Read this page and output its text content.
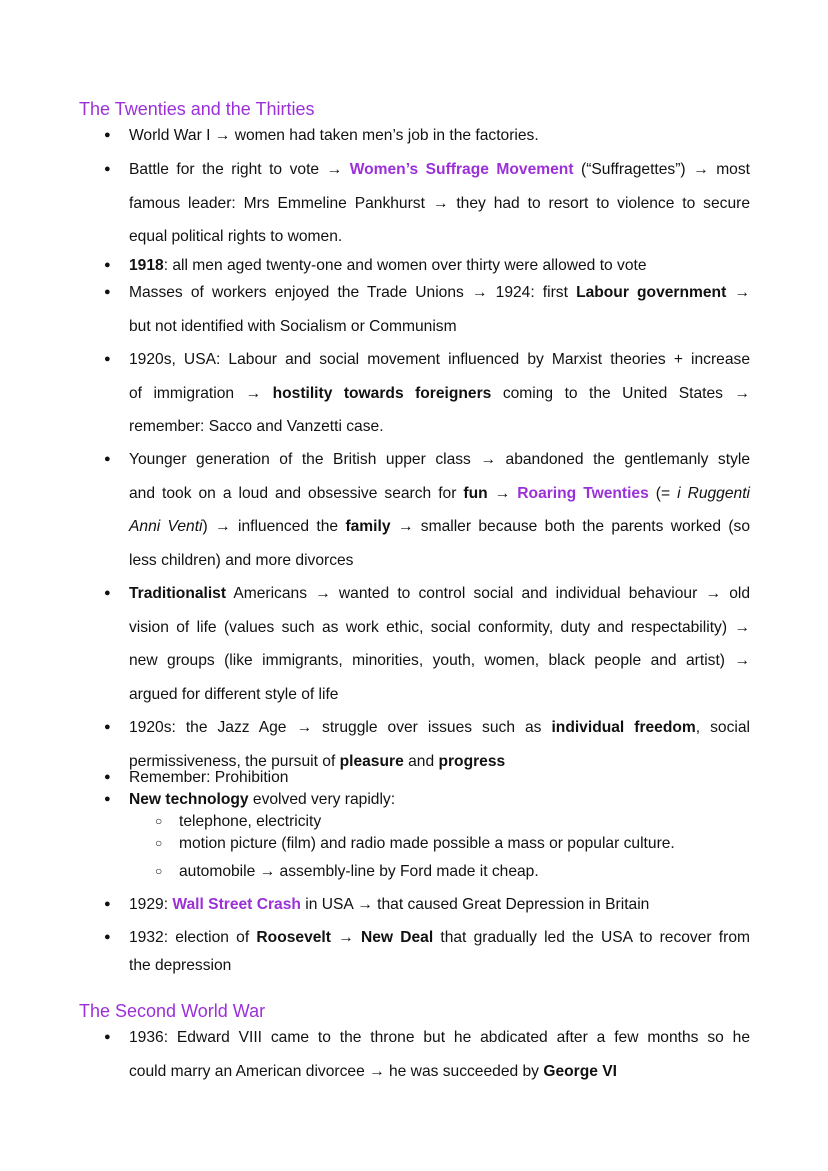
The Twenties and the Thirties
● World War I → women had taken men’s job in the factories.
● Battle for the right to vote → Women’s Suffrage Movement (“Suffragettes”) → most
famous leader: Mrs Emmeline Pankhurst → they had to resort to violence to secure
equal political rights to women.
● 1918: all men aged twenty-one and women over thirty were allowed to vote
● Masses of workers enjoyed the Trade Unions → 1924: first Labour government →
but not identified with Socialism or Communism
● 1920s, USA: Labour and social movement influenced by Marxist theories + increase
of immigration → hostility towards foreigners coming to the United States →
remember: Sacco and Vanzetti case.
● Younger generation of the British upper class → abandoned the gentlemanly style
and took on a loud and obsessive search for fun → Roaring Twenties (= i Ruggenti
Anni Venti) → influenced the family → smaller because both the parents worked (so
less children) and more divorces
● Traditionalist Americans → wanted to control social and individual behaviour → old
vision of life (values such as work ethic, social conformity, duty and respectability) →
new groups (like immigrants, minorities, youth, women, black people and artist) →
argued for different style of life
● 1920s: the Jazz Age → struggle over issues such as individual freedom, social
permissiveness, the pursuit of pleasure and progress
● Remember: Prohibition
● New technology evolved very rapidly:
● 1929: Wall Street Crash in USA → that caused Great Depression in Britain
● 1932: election of Roosevelt → New Deal that gradually led the USA to recover from
the depression
○ telephone, electricity
○ motion picture (film) and radio made possible a mass or popular culture.
○ automobile → assembly-line by Ford made it cheap.
The Second World War
● 1936: Edward VIII came to the throne but he abdicated after a few months so he
could marry an American divorcee → he was succeeded by George VI
